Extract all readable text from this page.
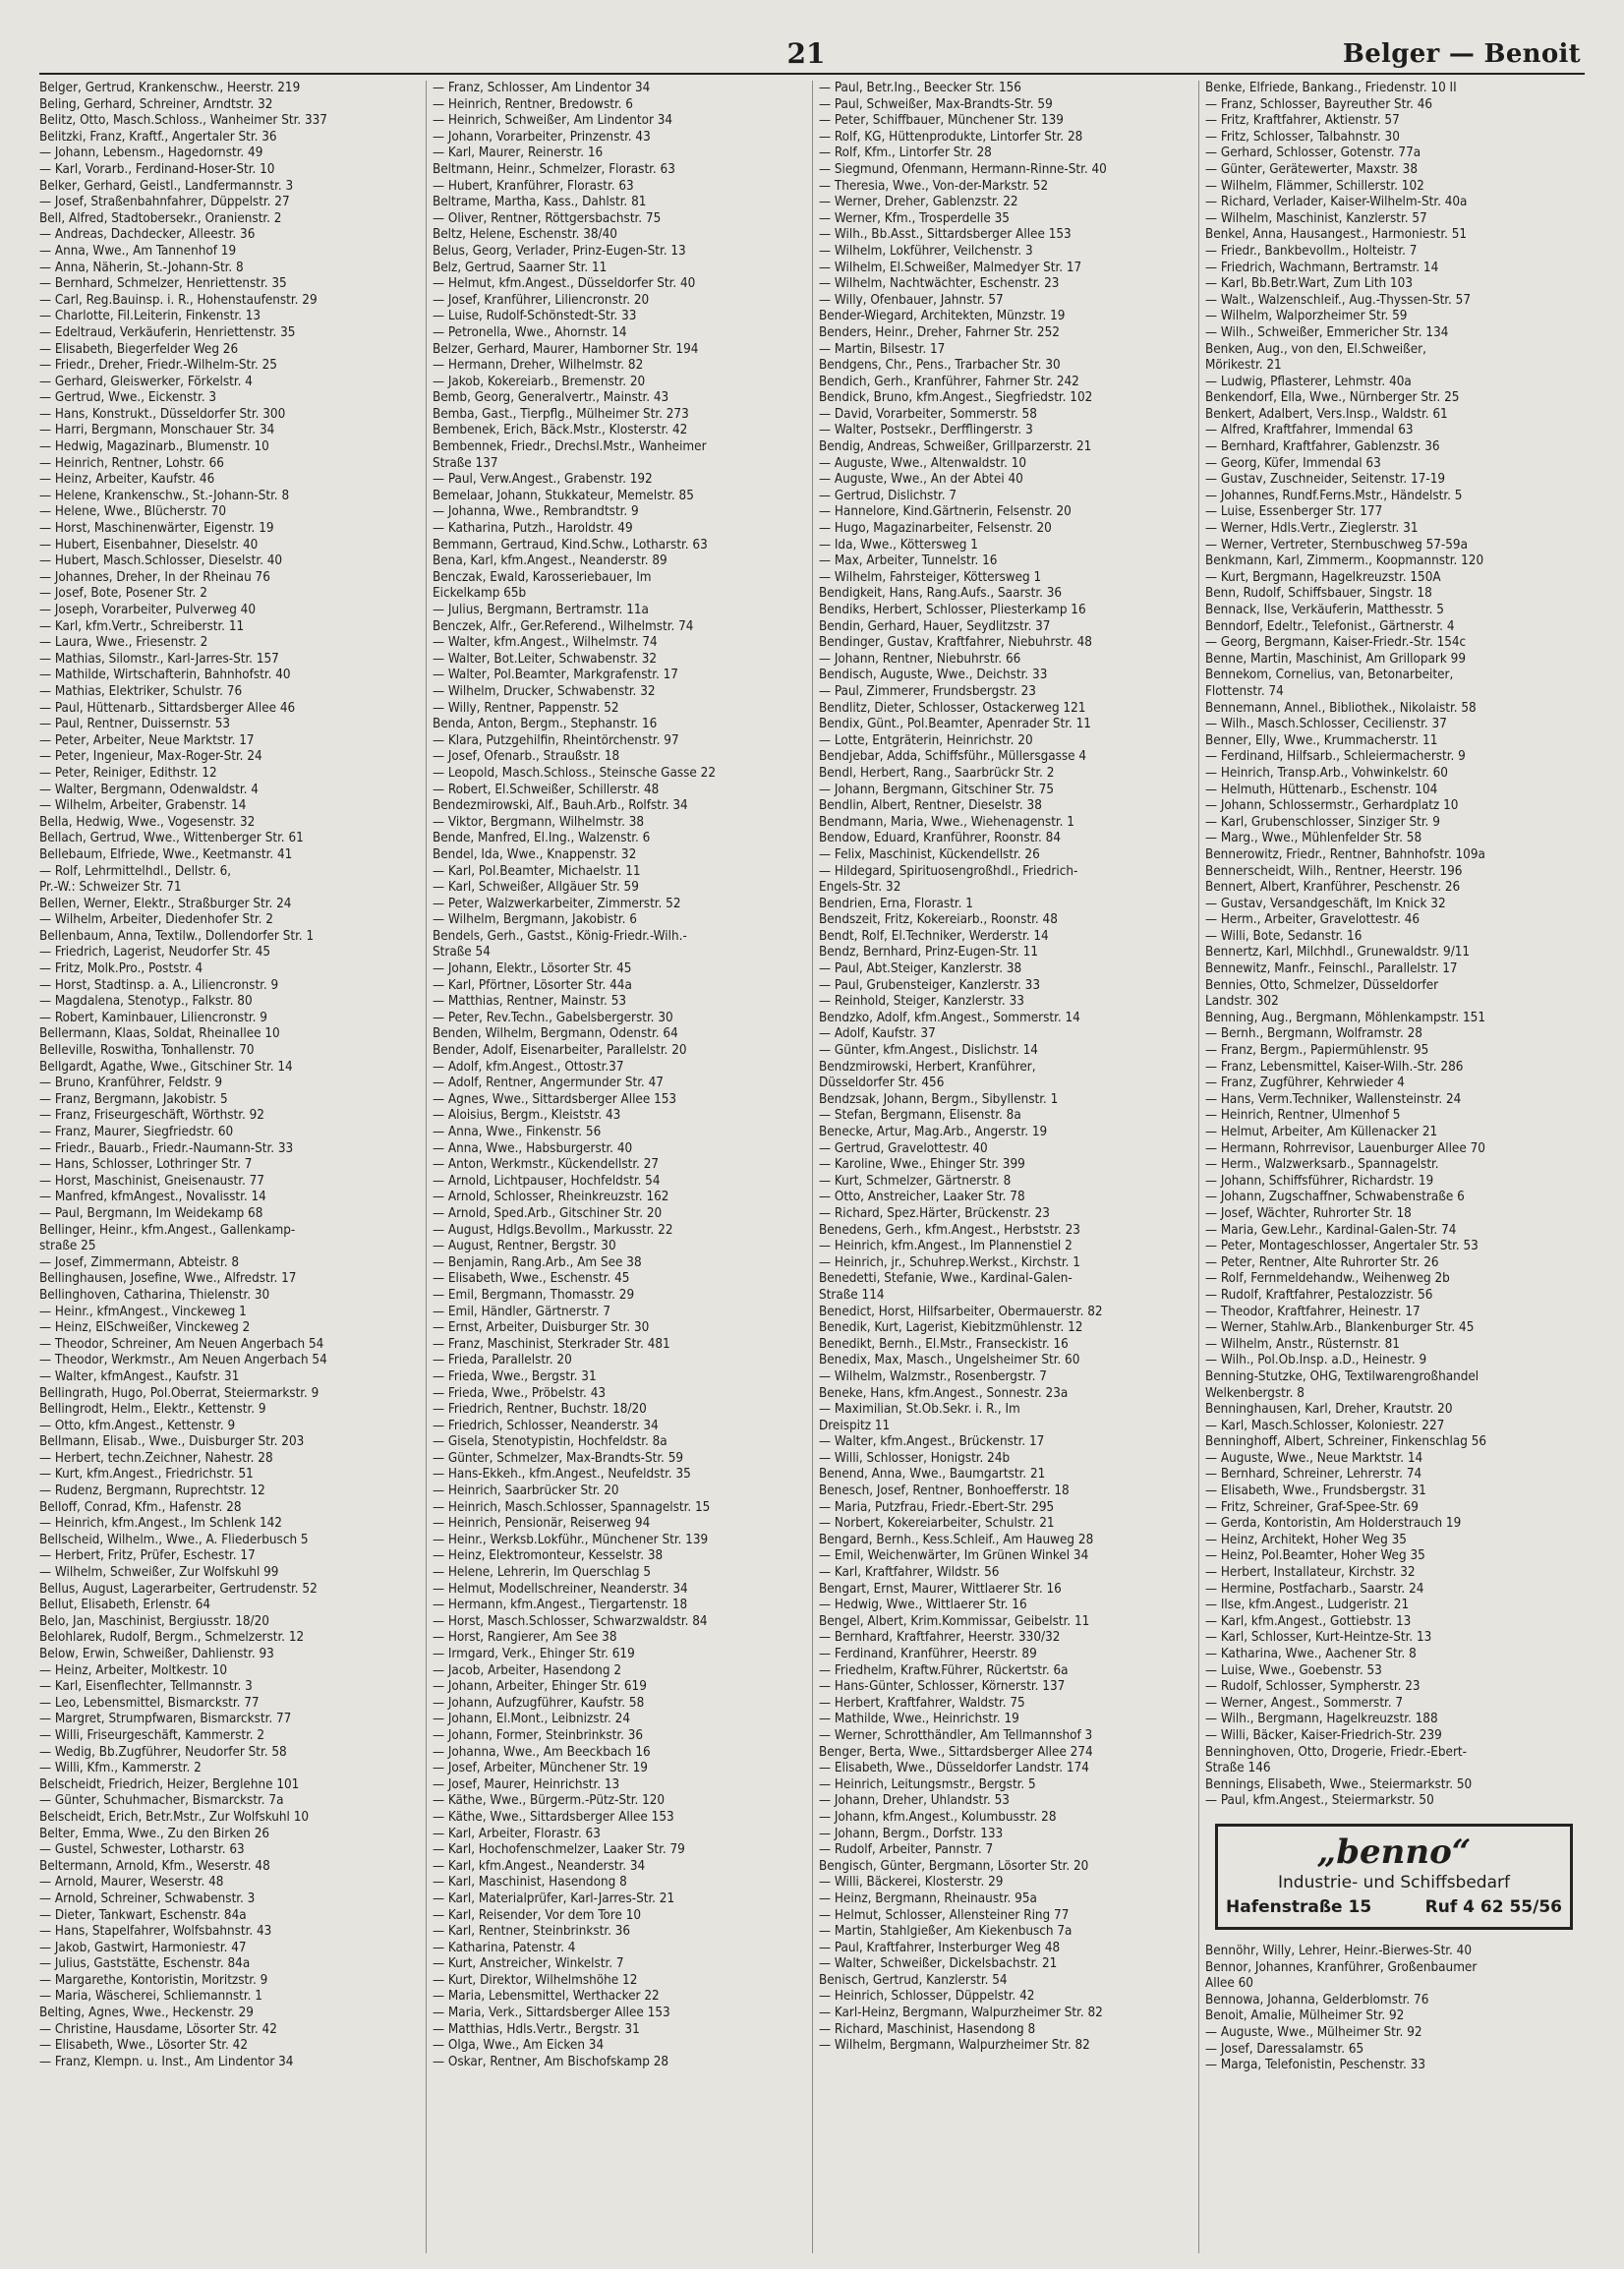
21	Belger — Benoit
Belger, Gertrud, Krankenschw., Heerstr. 219
Beling, Gerhard, Schreiner, Arndtstr. 32
Belitz, Otto, Masch.Schloss., Wanheimer Str. 337
Belitzki, Franz, Kraftf., Angertaler Str. 36
— Johann, Lebensm., Hagedornstr. 49
— Karl, Vorarb., Ferdinand-Hoser-Str. 10
Belker, Gerhard, Geistl., Landfermannstr. 3
— Josef, Straßenbahnfahrer, Düppelstr. 27
Bell, Alfred, Stadtobersekr., Oranienstr. 2
— Andreas, Dachdecker, Alleestr. 36
— Anna, Wwe., Am Tannenhof 19
— Anna, Näherin, St.-Johann-Str. 8
— Bernhard, Schmelzer, Henriettenstr. 35
— Carl, Reg.Bauinsp. i. R., Hohenstaufenstr. 29
— Charlotte, Fil.Leiterin, Finkenstr. 13
— Edeltraud, Verkäuferin, Henriettenstr. 35
— Elisabeth, Biegerfelder Weg 26
— Friedr., Dreher, Friedr.-Wilhelm-Str. 25
— Gerhard, Gleiswerker, Förkelstr. 4
— Gertrud, Wwe., Eickenstr. 3
— Hans, Konstrukt., Düsseldorfer Str. 300
— Harri, Bergmann, Monschauer Str. 34
— Hedwig, Magazinarb., Blumenstr. 10
— Heinrich, Rentner, Lohstr. 66
— Heinz, Arbeiter, Kaufstr. 46
— Helene, Krankenschw., St.-Johann-Str. 8
— Helene, Wwe., Blücherstr. 70
— Horst, Maschinenwärter, Eigenstr. 19
— Hubert, Eisenbahner, Dieselstr. 40
— Hubert, Masch.Schlosser, Dieselstr. 40
— Johannes, Dreher, In der Rheinau 76
— Josef, Bote, Posener Str. 2
— Joseph, Vorarbeiter, Pulverweg 40
— Karl, kfm.Vertr., Schreiberstr. 11
— Laura, Wwe., Friesenstr. 2
— Mathias, Silomstr., Karl-Jarres-Str. 157
— Mathilde, Wirtschafterin, Bahnhofstr. 40
— Mathias, Elektriker, Schulstr. 76
— Paul, Hüttenarb., Sittardsberger Allee 46
— Paul, Rentner, Duissernstr. 53
— Peter, Arbeiter, Neue Marktstr. 17
— Peter, Ingenieur, Max-Roger-Str. 24
— Peter, Reiniger, Edithstr. 12
— Walter, Bergmann, Odenwaldstr. 4
— Wilhelm, Arbeiter, Grabenstr. 14
Bella, Hedwig, Wwe., Vogesenstr. 32
Bellach, Gertrud, Wwe., Wittenberger Str. 61
Bellebaum, Elfriede, Wwe., Keetmanstr. 41
— Rolf, Lehrmittelhdl., Dellstr. 6,
Pr.-W.: Schweizer Str. 71
Bellen, Werner, Elektr., Straßburger Str. 24
— Wilhelm, Arbeiter, Diedenhofer Str. 2
Bellenbaum, Anna, Textilw., Dollendorfer Str. 1
— Friedrich, Lagerist, Neudorfer Str. 45
— Fritz, Molk.Pro., Poststr. 4
— Horst, Stadtinsp. a. A., Liliencronstr. 9
— Magdalena, Stenotyp., Falkstr. 80
— Robert, Kaminbauer, Liliencronstr. 9
Bellermann, Klaas, Soldat, Rheinallee 10
Belleville, Roswitha, Tonhallenstr. 70
Bellgardt, Agathe, Wwe., Gitschiner Str. 14
— Bruno, Kranführer, Feldstr. 9
— Franz, Bergmann, Jakobistr. 5
— Franz, Friseurgeschäft, Wörthstr. 92
— Franz, Maurer, Siegfriedstr. 60
— Friedr., Bauarb., Friedr.-Naumann-Str. 33
— Hans, Schlosser, Lothringer Str. 7
— Horst, Maschinist, Gneisenaustr. 77
— Manfred, kfmAngest., Novalisstr. 14
— Paul, Bergmann, Im Weidekamp 68
Bellinger, Heinr., kfm.Angest., Gallenkamp-
straße 25
— Josef, Zimmermann, Abteistr. 8
Bellinghausen, Josefine, Wwe., Alfredstr. 17
Bellinghoven, Catharina, Thielenstr. 30
— Heinr., kfmAngest., Vinckeweg 1
— Heinz, ElSchweißer, Vinckeweg 2
— Theodor, Schreiner, Am Neuen Angerbach 54
— Theodor, Werkmstr., Am Neuen Angerbach 54
— Walter, kfmAngest., Kaufstr. 31
Bellingrath, Hugo, Pol.Oberrat, Steiermarkstr. 9
Bellingrodt, Helm., Elektr., Kettenstr. 9
— Otto, kfm.Angest., Kettenstr. 9
Bellmann, Elisab., Wwe., Duisburger Str. 203
— Herbert, techn.Zeichner, Nahestr. 28
— Kurt, kfm.Angest., Friedrichstr. 51
— Rudenz, Bergmann, Ruprechtstr. 12
Belloff, Conrad, Kfm., Hafenstr. 28
— Heinrich, kfm.Angest., Im Schlenk 142
Bellscheid, Wilhelm., Wwe., A. Fliederbusch 5
— Herbert, Fritz, Prüfer, Eschestr. 17
— Wilhelm, Schweißer, Zur Wolfskuhl 99
Bellus, August, Lagerarbeiter, Gertrudenstr. 52
Bellut, Elisabeth, Erlenstr. 64
Belo, Jan, Maschinist, Bergiusstr. 18/20
Belohlarek, Rudolf, Bergm., Schmelzerstr. 12
Below, Erwin, Schweißer, Dahlienstr. 93
— Heinz, Arbeiter, Moltkestr. 10
— Karl, Eisenflechter, Tellmannstr. 3
— Leo, Lebensmittel, Bismarckstr. 77
— Margret, Strumpfwaren, Bismarckstr. 77
— Willi, Friseurgeschäft, Kammerstr. 2
— Wedig, Bb.Zugführer, Neudorfer Str. 58
— Willi, Kfm., Kammerstr. 2
Belscheidt, Friedrich, Heizer, Berglehne 101
— Günter, Schuhmacher, Bismarckstr. 7a
Belscheidt, Erich, Betr.Mstr., Zur Wolfskuhl 10
Belter, Emma, Wwe., Zu den Birken 26
— Gustel, Schwester, Lotharstr. 63
Beltermann, Arnold, Kfm., Weserstr. 48
— Arnold, Maurer, Weserstr. 48
— Arnold, Schreiner, Schwabenstr. 3
— Dieter, Tankwart, Eschenstr. 84a
— Hans, Stapelfahrer, Wolfsbahnstr. 43
— Jakob, Gastwirt, Harmoniestr. 47
— Julius, Gaststätte, Eschenstr. 84a
— Margarethe, Kontoristin, Moritzstr. 9
— Maria, Wäscherei, Schliemannstr. 1
Belting, Agnes, Wwe., Heckenstr. 29
— Christine, Hausdame, Lösorter Str. 42
— Elisabeth, Wwe., Lösorter Str. 42
— Franz, Klempn. u. Inst., Am Lindentor 34
— Franz, Schlosser, Am Lindentor 34
— Heinrich, Rentner, Bredowstr. 6
— Heinrich, Schweißer, Am Lindentor 34
— Johann, Vorarbeiter, Prinzenstr. 43
— Karl, Maurer, Reinerstr. 16
Beltmann, Heinr., Schmelzer, Florastr. 63
— Hubert, Kranführer, Florastr. 63
Beltrame, Martha, Kass., Dahlstr. 81
— Oliver, Rentner, Röttgersbachstr. 75
Beltz, Helene, Eschenstr. 38/40
Belus, Georg, Verlader, Prinz-Eugen-Str. 13
Belz, Gertrud, Saarner Str. 11
— Helmut, kfm.Angest., Düsseldorfer Str. 40
— Josef, Kranführer, Liliencronstr. 20
— Luise, Rudolf-Schönstedt-Str. 33
— Petronella, Wwe., Ahornstr. 14
Belzer, Gerhard, Maurer, Hamborner Str. 194
— Hermann, Dreher, Wilhelmstr. 82
— Jakob, Kokereiarb., Bremenstr. 20
Bemb, Georg, Generalvertr., Mainstr. 43
Bemba, Gast., Tierpflg., Mülheimer Str. 273
Bembenek, Erich, Bäck.Mstr., Klosterstr. 42
Bembennek, Friedr., Drechsl.Mstr., Wanheimer
Straße 137
— Paul, Verw.Angest., Grabenstr. 192
Bemelaar, Johann, Stukkateur, Memelstr. 85
— Johanna, Wwe., Rembrandtstr. 9
— Katharina, Putzh., Haroldstr. 49
Bemmann, Gertraud, Kind.Schw., Lotharstr. 63
Bena, Karl, kfm.Angest., Neanderstr. 89
Benczak, Ewald, Karosseriebauer, Im
Eickelkamp 65b
— Julius, Bergmann, Bertramstr. 11a
Benczek, Alfr., Ger.Referend., Wilhelmstr. 74
— Walter, kfm.Angest., Wilhelmstr. 74
— Walter, Bot.Leiter, Schwabenstr. 32
— Walter, Pol.Beamter, Markgrafenstr. 17
— Wilhelm, Drucker, Schwabenstr. 32
— Willy, Rentner, Pappenstr. 52
Benda, Anton, Bergm., Stephanstr. 16
— Klara, Putzgehilfin, Rheintörchenstr. 97
— Josef, Ofenarb., Straußstr. 18
— Leopold, Masch.Schloss., Steinsche Gasse 22
— Robert, El.Schweißer, Schillerstr. 48
Bendezmirowski, Alf., Bauh.Arb., Rolfstr. 34
— Viktor, Bergmann, Wilhelmstr. 38
Bende, Manfred, El.Ing., Walzenstr. 6
Bendel, Ida, Wwe., Knappenstr. 32
— Karl, Pol.Beamter, Michaelstr. 11
— Karl, Schweißer, Allgäuer Str. 59
— Peter, Walzwerkarbeiter, Zimmerstr. 52
— Wilhelm, Bergmann, Jakobistr. 6
Bendels, Gerh., Gastst., König-Friedr.-Wilh.-
Straße 54
— Johann, Elektr., Lösorter Str. 45
— Karl, Pförtner, Lösorter Str. 44a
— Matthias, Rentner, Mainstr. 53
— Peter, Rev.Techn., Gabelsbergerstr. 30
Benden, Wilhelm, Bergmann, Odenstr. 64
Bender, Adolf, Eisenarbeiter, Parallelstr. 20
— Adolf, kfm.Angest., Ottostr.37
— Adolf, Rentner, Angermunder Str. 47
— Agnes, Wwe., Sittardsberger Allee 153
— Aloisius, Bergm., Kleiststr. 43
— Anna, Wwe., Finkenstr. 56
— Anna, Wwe., Habsburgerstr. 40
— Anton, Werkmstr., Kückendellstr. 27
— Arnold, Lichtpauser, Hochfeldstr. 54
— Arnold, Schlosser, Rheinkreuzstr. 162
— Arnold, Sped.Arb., Gitschiner Str. 20
— August, Hdlgs.Bevollm., Markusstr. 22
— August, Rentner, Bergstr. 30
— Benjamin, Rang.Arb., Am See 38
— Elisabeth, Wwe., Eschenstr. 45
— Emil, Bergmann, Thomasstr. 29
— Emil, Händler, Gärtnerstr. 7
— Ernst, Arbeiter, Duisburger Str. 30
— Franz, Maschinist, Sterkrader Str. 481
— Frieda, Parallelstr. 20
— Frieda, Wwe., Bergstr. 31
— Frieda, Wwe., Pröbelstr. 43
— Friedrich, Rentner, Buchstr. 18/20
— Friedrich, Schlosser, Neanderstr. 34
— Gisela, Stenotypistin, Hochfeldstr. 8a
— Günter, Schmelzer, Max-Brandts-Str. 59
— Hans-Ekkeh., kfm.Angest., Neufeldstr. 35
— Heinrich, Saarbrücker Str. 20
— Heinrich, Masch.Schlosser, Spannagelstr. 15
— Heinrich, Pensionär, Reiserweg 94
— Heinr., Werksb.Lokführ., Münchener Str. 139
— Heinz, Elektromonteur, Kesselstr. 38
— Helene, Lehrerin, Im Querschlag 5
— Helmut, Modellschreiner, Neanderstr. 34
— Hermann, kfm.Angest., Tiergartenstr. 18
— Horst, Masch.Schlosser, Schwarzwaldstr. 84
— Horst, Rangierer, Am See 38
— Irmgard, Verk., Ehinger Str. 619
— Jacob, Arbeiter, Hasendong 2
— Johann, Arbeiter, Ehinger Str. 619
— Johann, Aufzugführer, Kaufstr. 58
— Johann, El.Mont., Leibnizstr. 24
— Johann, Former, Steinbrinkstr. 36
— Johanna, Wwe., Am Beeckbach 16
— Josef, Arbeiter, Münchener Str. 19
— Josef, Maurer, Heinrichstr. 13
— Käthe, Wwe., Bürgerm.-Pütz-Str. 120
— Käthe, Wwe., Sittardsberger Allee 153
— Karl, Arbeiter, Florastr. 63
— Karl, Hochofenschmelzer, Laaker Str. 79
— Karl, kfm.Angest., Neanderstr. 34
— Karl, Maschinist, Hasendong 8
— Karl, Materialprüfer, Karl-Jarres-Str. 21
— Karl, Reisender, Vor dem Tore 10
— Karl, Rentner, Steinbrinkstr. 36
— Katharina, Patenstr. 4
— Kurt, Anstreicher, Winkelstr. 7
— Kurt, Direktor, Wilhelmshöhe 12
— Maria, Lebensmittel, Werthacker 22
— Maria, Verk., Sittardsberger Allee 153
— Matthias, Hdls.Vertr., Bergstr. 31
— Olga, Wwe., Am Eicken 34
— Oskar, Rentner, Am Bischofskamp 28
— Paul, Betr.Ing., Beecker Str. 156
— Paul, Schweißer, Max-Brandts-Str. 59
— Peter, Schiffbauer, Münchener Str. 139
— Rolf, KG, Hüttenprodukte, Lintorfer Str. 28
— Rolf, Kfm., Lintorfer Str. 28
— Siegmund, Ofenmann, Hermann-Rinne-Str. 40
— Theresia, Wwe., Von-der-Markstr. 52
— Werner, Dreher, Gablenzstr. 22
— Werner, Kfm., Trosperdelle 35
— Wilh., Bb.Asst., Sittardsberger Allee 153
— Wilhelm, Lokführer, Veilchenstr. 3
— Wilhelm, El.Schweißer, Malmedyer Str. 17
— Wilhelm, Nachtwächter, Eschenstr. 23
— Willy, Ofenbauer, Jahnstr. 57
Bender-Wiegard, Architekten, Münzstr. 19
Benders, Heinr., Dreher, Fahrner Str. 252
— Martin, Bilsestr. 17
Bendgens, Chr., Pens., Trarbacher Str. 30
Bendich, Gerh., Kranführer, Fahrner Str. 242
Bendick, Bruno, kfm.Angest., Siegfriedstr. 102
— David, Vorarbeiter, Sommerstr. 58
— Walter, Postsekr., Derfflingerstr. 3
Bendig, Andreas, Schweißer, Grillparzerstr. 21
— Auguste, Wwe., Altenwaldstr. 10
— Auguste, Wwe., An der Abtei 40
— Gertrud, Dislichstr. 7
— Hannelore, Kind.Gärtnerin, Felsenstr. 20
— Hugo, Magazinarbeiter, Felsenstr. 20
— Ida, Wwe., Köttersweg 1
— Max, Arbeiter, Tunnelstr. 16
— Wilhelm, Fahrsteiger, Köttersweg 1
Bendigkeit, Hans, Rang.Aufs., Saarstr. 36
Bendiks, Herbert, Schlosser, Pliesterkamp 16
Bendin, Gerhard, Hauer, Seydlitzstr. 37
Bendinger, Gustav, Kraftfahrer, Niebuhrstr. 48
— Johann, Rentner, Niebuhrstr. 66
Bendisch, Auguste, Wwe., Deichstr. 33
— Paul, Zimmerer, Frundsbergstr. 23
Bendlitz, Dieter, Schlosser, Ostackerweg 121
Bendix, Günt., Pol.Beamter, Apenrader Str. 11
— Lotte, Entgräterin, Heinrichstr. 20
Bendjebar, Adda, Schiffsführ., Müllersgasse 4
Bendl, Herbert, Rang., Saarbrückr Str. 2
— Johann, Bergmann, Gitschiner Str. 75
Bendlin, Albert, Rentner, Dieselstr. 38
Bendmann, Maria, Wwe., Wiehenagenstr. 1
Bendow, Eduard, Kranführer, Roonstr. 84
— Felix, Maschinist, Kückendellstr. 26
— Hildegard, Spirituosengroßhdl., Friedrich-
Engels-Str. 32
Bendrien, Erna, Florastr. 1
Bendszeit, Fritz, Kokereiarb., Roonstr. 48
Bendt, Rolf, El.Techniker, Werderstr. 14
Bendz, Bernhard, Prinz-Eugen-Str. 11
— Paul, Abt.Steiger, Kanzlerstr. 38
— Paul, Grubensteiger, Kanzlerstr. 33
— Reinhold, Steiger, Kanzlerstr. 33
Bendzko, Adolf, kfm.Angest., Sommerstr. 14
— Adolf, Kaufstr. 37
— Günter, kfm.Angest., Dislichstr. 14
Bendzmirowski, Herbert, Kranführer,
Düsseldorfer Str. 456
Bendzsak, Johann, Bergm., Sibyllenstr. 1
— Stefan, Bergmann, Elisenstr. 8a
Benecke, Artur, Mag.Arb., Angerstr. 19
— Gertrud, Gravelottestr. 40
— Karoline, Wwe., Ehinger Str. 399
— Kurt, Schmelzer, Gärtnerstr. 8
— Otto, Anstreicher, Laaker Str. 78
— Richard, Spez.Härter, Brückenstr. 23
Benedens, Gerh., kfm.Angest., Herbststr. 23
— Heinrich, kfm.Angest., Im Plannenstiel 2
— Heinrich, jr., Schuhrep.Werkst., Kirchstr. 1
Benedetti, Stefanie, Wwe., Kardinal-Galen-
Straße 114
Benedict, Horst, Hilfsarbeiter, Obermauerstr. 82
Benedik, Kurt, Lagerist, Kiebitzmühlenstr. 12
Benedikt, Bernh., El.Mstr., Franseckistr. 16
Benedix, Max, Masch., Ungelsheimer Str. 60
— Wilhelm, Walzmstr., Rosenbergstr. 7
Beneke, Hans, kfm.Angest., Sonnestr. 23a
— Maximilian, St.Ob.Sekr. i. R., Im
Dreispitz 11
— Walter, kfm.Angest., Brückenstr. 17
— Willi, Schlosser, Honigstr. 24b
Benend, Anna, Wwe., Baumgartstr. 21
Benesch, Josef, Rentner, Bonhoefferstr. 18
— Maria, Putzfrau, Friedr.-Ebert-Str. 295
— Norbert, Kokereiarbeiter, Schulstr. 21
Bengard, Bernh., Kess.Schleif., Am Hauweg 28
— Emil, Weichenwärter, Im Grünen Winkel 34
— Karl, Kraftfahrer, Wildstr. 56
Bengart, Ernst, Maurer, Wittlaerer Str. 16
— Hedwig, Wwe., Wittlaerer Str. 16
Bengel, Albert, Krim.Kommissar, Geibelstr. 11
— Bernhard, Kraftfahrer, Heerstr. 330/32
— Ferdinand, Kranführer, Heerstr. 89
— Friedhelm, Kraftw.Führer, Rückertstr. 6a
— Hans-Günter, Schlosser, Körnerstr. 137
— Herbert, Kraftfahrer, Waldstr. 75
— Mathilde, Wwe., Heinrichstr. 19
— Werner, Schrotthändler, Am Tellmannshof 3
Benger, Berta, Wwe., Sittardsberger Allee 274
— Elisabeth, Wwe., Düsseldorfer Landstr. 174
— Heinrich, Leitungsmstr., Bergstr. 5
— Johann, Dreher, Uhlandstr. 53
— Johann, kfm.Angest., Kolumbusstr. 28
— Johann, Bergm., Dorfstr. 133
— Rudolf, Arbeiter, Pannstr. 7
Bengisch, Günter, Bergmann, Lösorter Str. 20
— Willi, Bäckerei, Klosterstr. 29
— Heinz, Bergmann, Rheinaustr. 95a
— Helmut, Schlosser, Allensteiner Ring 77
— Martin, Stahlgießer, Am Kiekenbusch 7a
— Paul, Kraftfahrer, Insterburger Weg 48
— Walter, Schweißer, Dickelsbachstr. 21
Benisch, Gertrud, Kanzlerstr. 54
— Heinrich, Schlosser, Düppelstr. 42
— Karl-Heinz, Bergmann, Walpurzheimer Str. 82
— Richard, Maschinist, Hasendong 8
— Wilhelm, Bergmann, Walpurzheimer Str. 82
Benke, Elfriede, Bankang., Friedenstr. 10 II
— Franz, Schlosser, Bayreuther Str. 46
— Fritz, Kraftfahrer, Aktienstr. 57
— Fritz, Schlosser, Talbahnstr. 30
— Gerhard, Schlosser, Gotenstr. 77a
— Günter, Gerätewerter, Maxstr. 38
— Wilhelm, Flämmer, Schillerstr. 102
— Richard, Verlader, Kaiser-Wilhelm-Str. 40a
— Wilhelm, Maschinist, Kanzlerstr. 57
Benkel, Anna, Hausangest., Harmoniestr. 51
— Friedr., Bankbevollm., Holteistr. 7
— Friedrich, Wachmann, Bertramstr. 14
— Karl, Bb.Betr.Wart, Zum Lith 103
— Walt., Walzenschleif., Aug.-Thyssen-Str. 57
— Wilhelm, Walporzheimer Str. 59
— Wilh., Schweißer, Emmericher Str. 134
Benken, Aug., von den, El.Schweißer,
Mörikestr. 21
— Ludwig, Pflasterer, Lehmstr. 40a
Benkendorf, Ella, Wwe., Nürnberger Str. 25
Benkert, Adalbert, Vers.Insp., Waldstr. 61
— Alfred, Kraftfahrer, Immendal 63
— Bernhard, Kraftfahrer, Gablenzstr. 36
— Georg, Küfer, Immendal 63
— Gustav, Zuschneider, Seitenstr. 17-19
— Johannes, Rundf.Ferns.Mstr., Händelstr. 5
— Luise, Essenberger Str. 177
— Werner, Hdls.Vertr., Zieglerstr. 31
— Werner, Vertreter, Sternbuschweg 57-59a
Benkmann, Karl, Zimmerm., Koopmannstr. 120
— Kurt, Bergmann, Hagelkreuzstr. 150A
Benn, Rudolf, Schiffsbauer, Singstr. 18
Bennack, Ilse, Verkäuferin, Matthesstr. 5
Benndorf, Edeltr., Telefonist., Gärtnerstr. 4
— Georg, Bergmann, Kaiser-Friedr.-Str. 154c
Benne, Martin, Maschinist, Am Grillopark 99
Bennekom, Cornelius, van, Betonarbeiter,
Flottenstr. 74
Bennemann, Annel., Bibliothek., Nikolaistr. 58
— Wilh., Masch.Schlosser, Cecilienstr. 37
Benner, Elly, Wwe., Krummacherstr. 11
— Ferdinand, Hilfsarb., Schleiermacherstr. 9
— Heinrich, Transp.Arb., Vohwinkelstr. 60
— Helmuth, Hüttenarb., Eschenstr. 104
— Johann, Schlossermstr., Gerhardplatz 10
— Karl, Grubenschlosser, Sinziger Str. 9
— Marg., Wwe., Mühlenfelder Str. 58
Bennerowitz, Friedr., Rentner, Bahnhofstr. 109a
Bennerscheidt, Wilh., Rentner, Heerstr. 196
Bennert, Albert, Kranführer, Peschenstr. 26
— Gustav, Versandgeschäft, Im Knick 32
— Herm., Arbeiter, Gravelottestr. 46
— Willi, Bote, Sedanstr. 16
Bennertz, Karl, Milchhdl., Grunewaldstr. 9/11
Bennewitz, Manfr., Feinschl., Parallelstr. 17
Bennies, Otto, Schmelzer, Düsseldorfer
Landstr. 302
Benning, Aug., Bergmann, Möhlenkampstr. 151
— Bernh., Bergmann, Wolframstr. 28
— Franz, Bergm., Papiermühlenstr. 95
— Franz, Lebensmittel, Kaiser-Wilh.-Str. 286
— Franz, Zugführer, Kehrwieder 4
— Hans, Verm.Techniker, Wallensteinstr. 24
— Heinrich, Rentner, Ulmenhof 5
— Helmut, Arbeiter, Am Küllenacker 21
— Hermann, Rohrrevisor, Lauenburger Allee 70
— Herm., Walzwerksarb., Spannagelstr.
— Johann, Schiffsführer, Richardstr. 19
— Johann, Zugschaffner, Schwabenstraße 6
— Josef, Wächter, Ruhrorter Str. 18
— Maria, Gew.Lehr., Kardinal-Galen-Str. 74
— Peter, Montageschlosser, Angertaler Str. 53
— Peter, Rentner, Alte Ruhrorter Str. 26
— Rolf, Fernmeldehandw., Weihenweg 2b
— Rudolf, Kraftfahrer, Pestalozzistr. 56
— Theodor, Kraftfahrer, Heinestr. 17
— Werner, Stahlw.Arb., Blankenburger Str. 45
— Wilhelm, Anstr., Rüsternstr. 81
— Wilh., Pol.Ob.Insp. a.D., Heinestr. 9
Benning-Stutzke, OHG, Textilwarengroßhandel
Welkenbergstr. 8
Benninghausen, Karl, Dreher, Krautstr. 20
— Karl, Masch.Schlosser, Koloniestr. 227
Benninghoff, Albert, Schreiner, Finkenschlag 56
— Auguste, Wwe., Neue Marktstr. 14
— Bernhard, Schreiner, Lehrerstr. 74
— Elisabeth, Wwe., Frundsbergstr. 31
— Fritz, Schreiner, Graf-Spee-Str. 69
— Gerda, Kontoristin, Am Holderstrauch 19
— Heinz, Architekt, Hoher Weg 35
— Heinz, Pol.Beamter, Hoher Weg 35
— Herbert, Installateur, Kirchstr. 32
— Hermine, Postfacharb., Saarstr. 24
— Ilse, kfm.Angest., Ludgeristr. 21
— Karl, kfm.Angest., Gottiebstr. 13
— Karl, Schlosser, Kurt-Heintze-Str. 13
— Katharina, Wwe., Aachener Str. 8
— Luise, Wwe., Goebenstr. 53
— Rudolf, Schlosser, Sympherstr. 23
— Werner, Angest., Sommerstr. 7
— Wilh., Bergmann, Hagelkreuzstr. 188
— Willi, Bäcker, Kaiser-Friedrich-Str. 239
Benninghoven, Otto, Drogerie, Friedr.-Ebert-
Straße 146
Bennings, Elisabeth, Wwe., Steiermarkstr. 50
— Paul, kfm.Angest., Steiermarkstr. 50
„benno“
Industrie- und Schiffsbedarf
Hafenstraße 15	Ruf 4 62 55/56
Bennöhr, Willy, Lehrer, Heinr.-Bierwes-Str. 40
Bennor, Johannes, Kranführer, Großenbaumer
Allee 60
Bennowa, Johanna, Gelderblomstr. 76
Benoit, Amalie, Mülheimer Str. 92
— Auguste, Wwe., Mülheimer Str. 92
— Josef, Daressalamstr. 65
— Marga, Telefonistin, Peschenstr. 33
